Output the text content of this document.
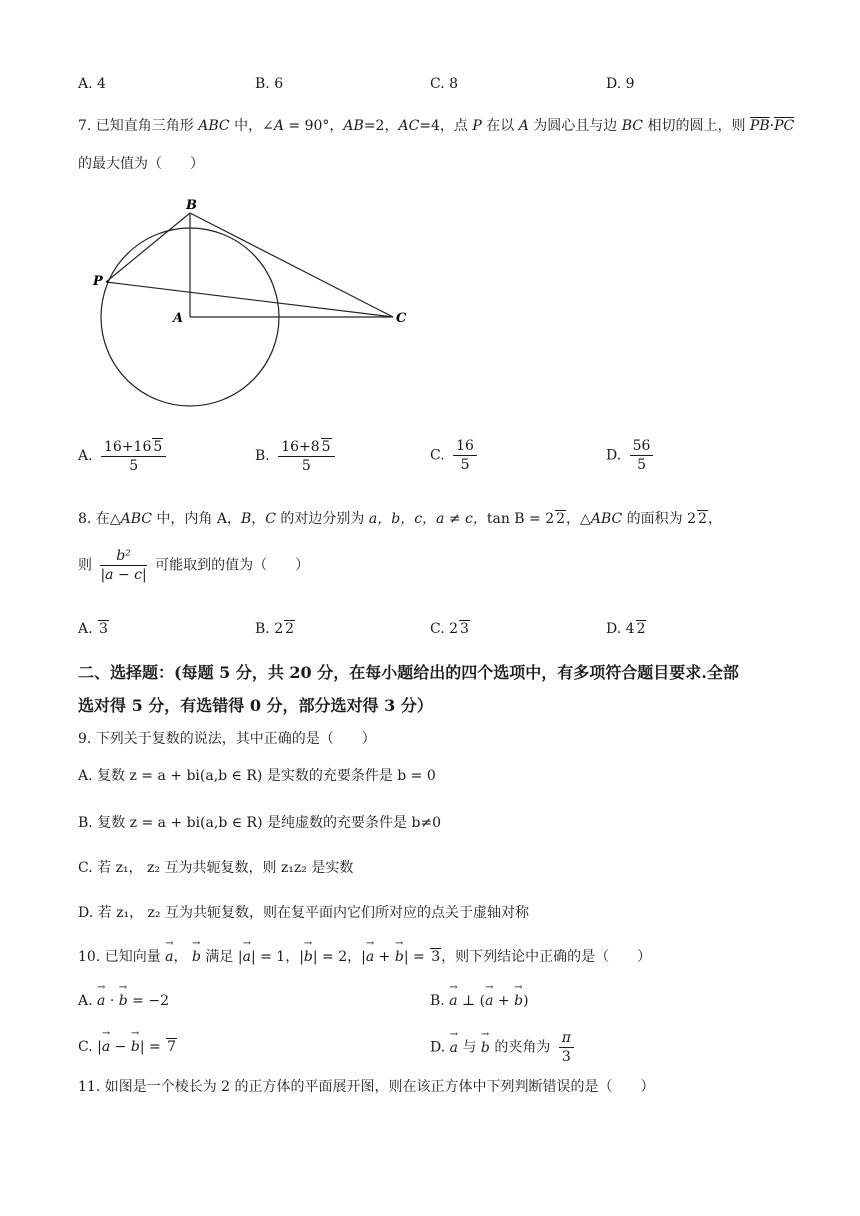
A. 4	B. 6	C. 8	D. 9
7. 已知直角三角形 ABC 中，∠A = 90°，AB=2，AC=4，点 P 在以 A 为圆心且与边 BC 相切的圆上，则 $\overline{PB}\cdot\overline{PC}$
的最大值为（　　）
B
P
A	C
A. $\frac{16+16 5}{5}$	B. $\frac{16+8 5}{5}$	C. $\frac{16}{5}$	D. $\frac{56}{5}$
8. 在△ABC 中，内角 A，B，C 的对边分别为 a，b，c，a ≠ c，tan B = 2 2，△ABC 的面积为 2 2，
则 $\frac{\text{b²}}{|a - c|}$ 可能取到的值为（　　）
A. 3	B. 2 2	C. 2 3	D. 4 2
二、选择题：(每题 5 分，共 20 分，在每小题给出的四个选项中，有多项符合题目要求.全部
选对得 5 分，有选错得 0 分，部分选对得 3 分）
9. 下列关于复数的说法，其中正确的是（　　）
A. 复数 z = a + bi(a,b ∈ R) 是实数的充要条件是 b = 0
B. 复数 z = a + bi(a,b ∈ R) 是纯虚数的充要条件是 b≠0
C. 若 z₁， z₂ 互为共轭复数，则 z₁z₂ 是实数
D. 若 z₁， z₂ 互为共轭复数，则在复平面内它们所对应的点关于虚轴对称
10. 已知向量 → a， → b 满足 |→ a| = 1，|→ b| = 2，|→ a + → b| = 3，则下列结论中正确的是（　　）
A. → a · → b = −2	B. → a ⊥ (→ a + → b)
C. |→ a − → b| = 7	D. → a 与 → b 的夹角为 $\frac{\pi}{3}$
11. 如图是一个棱长为 2 的正方体的平面展开图，则在该正方体中下列判断错误的是（　　）
